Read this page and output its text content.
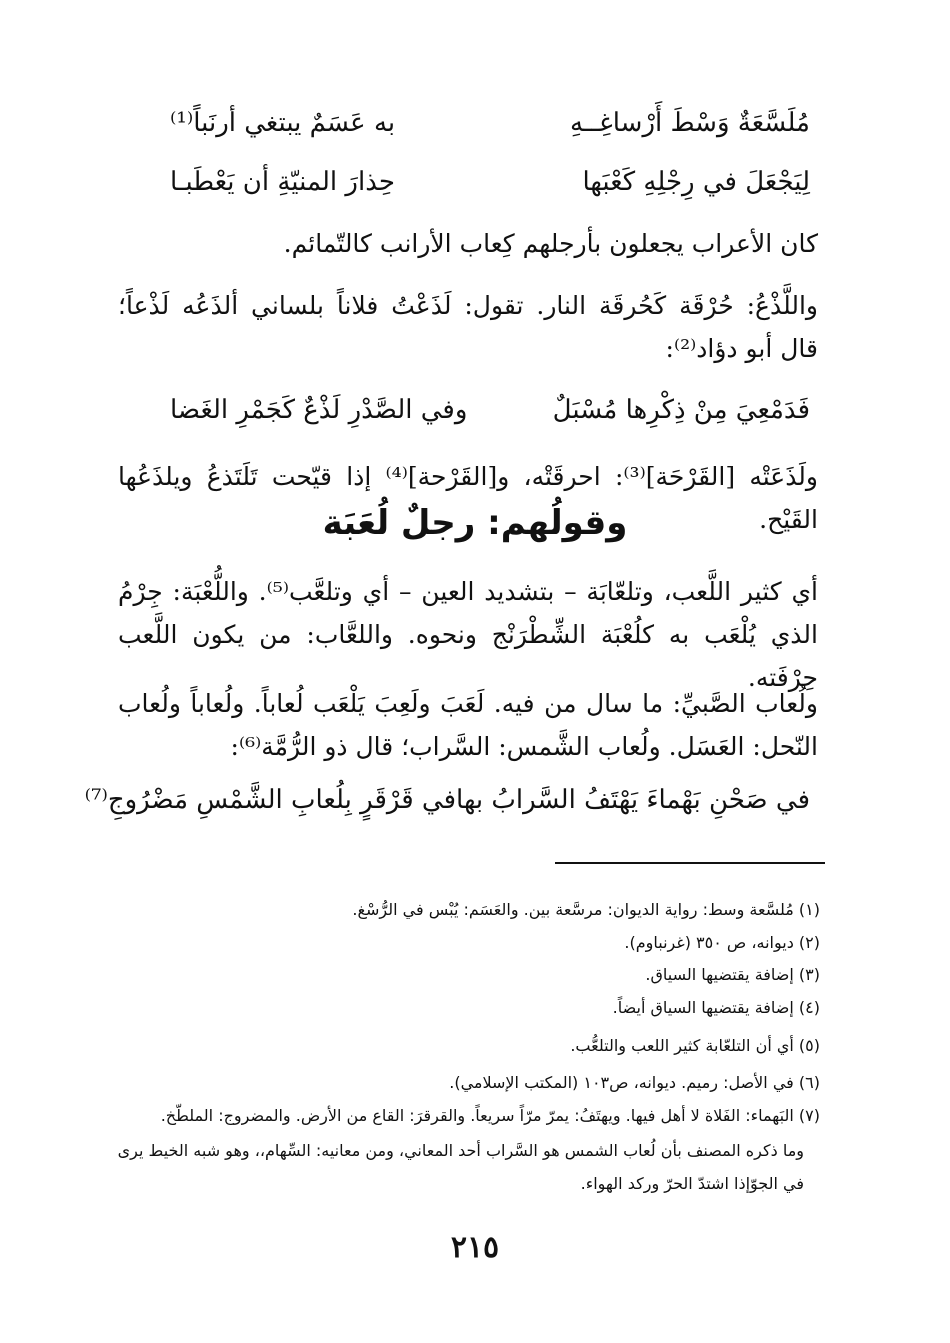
مُلَسَّعَةٌ وَسْطَ أَرْساغِــهِ
به عَسَمٌ يبتغي أرنَباً⁽¹⁾
لِيَجْعَلَ في رِجْلِهِ كَعْبَها
حِذارَ المنيّةِ أن يَعْطَبـا

كان الأعراب يجعلون بأرجلهم كِعاب الأرانب كالتّمائم.

واللَّذْعُ: حُرْقَة كَحُرقَة النار. تقول: لَذَعْتُ فلاناً بلساني ألذَعُه لَذْعاً؛ قال أبو دؤاد⁽²⁾:

فَدَمْعِيَ مِنْ ذِكْرِها مُسْبَلٌ
وفي الصَّدْرِ لَذْعٌ كَجَمْرِ الغَضا

ولَذَعَتْه [القَرْحَة]⁽³⁾: احرقَتْه، و[القَرْحة]⁽⁴⁾ إذا قيّحت تَلَتَذعُ ويلذَعُها القَيْح.

وقولُهم: رجلٌ لُعَبَة

أي كثير اللَّعب، وتلعّابَة – بتشديد العين – أي وتلعَّب⁽⁵⁾. واللُّعْبَة: جِرْمُ الذي يُلْعَب به كلُعْبَة الشِّطْرَنْج ونحوه. واللعَّاب: من يكون اللَّعب حِرْفَته.

ولُعاب الصَّبيِّ: ما سال من فيه. لَعَبَ ولَعِبَ يَلْعَب لُعاباً. ولُعاباً ولُعاب النّحل: العَسَل. ولُعاب الشَّمس: السَّراب؛ قال ذو الرُّمَّة⁽⁶⁾:

في صَحْنِ بَهْماءَ يَهْتَفُ السَّرابُ بها
في قَرْقَرٍ بِلُعابِ الشَّمْسِ مَضْرُوجِ⁽⁷⁾

(١) مُلسَّعة وسط: رواية الديوان: مرسَّعة بين. والعَسَم: يُبْس في الرُّسْغ.

(٢) ديوانه، ص ٣٥٠ (غرنباوم).

(٣) إضافة يقتضيها السياق.

(٤) إضافة يقتضيها السياق أيضاً.

(٥) أي أن التلعّابة كثير اللعب والتلعُّب.

(٦) في الأصل: رميم. ديوانه، ص١٠٣ (المكتب الإسلامي).

(٧) البَهماء: الفَلاة لا أهل فيها. ويهتَفُ: يمرّ مرّاً سريعاً. والقرقرَ: القاع من الأرض. والمضروج: الملطّخ.

وما ذكره المصنف بأن لُعاب الشمس هو السَّراب أحد المعاني، ومن معانيه: السِّهام،، وهو شبه الخيط يرى في الجوّإذا اشتدّ الحرّ وركد الهواء.

٢١٥
